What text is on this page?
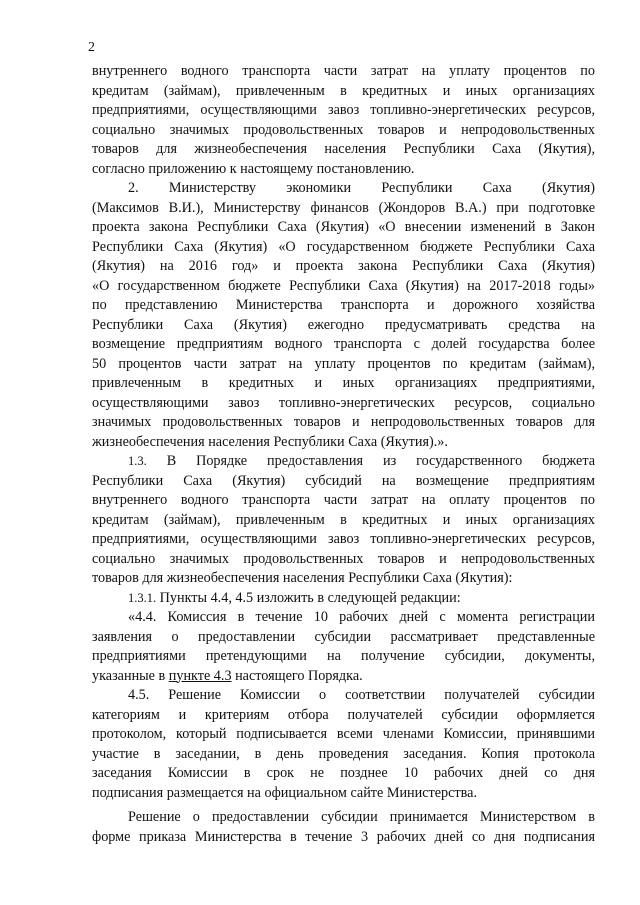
2
внутреннего водного транспорта части затрат на уплату процентов по
кредитам (займам), привлеченным в кредитных и иных организациях
предприятиями, осуществляющими завоз топливно-энергетических ресурсов,
социально значимых продовольственных товаров и непродовольственных
товаров для жизнеобеспечения населения Республики Саха (Якутия),
согласно приложению к настоящему постановлению.
2. Министерству экономики Республики Саха (Якутия)
(Максимов В.И.), Министерству финансов (Жондоров В.А.) при подготовке
проекта закона Республики Саха (Якутия) «О внесении изменений в Закон
Республики Саха (Якутия) «О государственном бюджете Республики Саха
(Якутия) на 2016 год» и проекта закона Республики Саха (Якутия)
«О государственном бюджете Республики Саха (Якутия) на 2017-2018 годы»
по представлению Министерства транспорта и дорожного хозяйства
Республики Саха (Якутия) ежегодно предусматривать средства на
возмещение предприятиям водного транспорта с долей государства более
50 процентов части затрат на уплату процентов по кредитам (займам),
привлеченным в кредитных и иных организациях предприятиями,
осуществляющими завоз топливно-энергетических ресурсов, социально
значимых продовольственных товаров и непродовольственных товаров для
жизнеобеспечения населения Республики Саха (Якутия).».
1.3. В Порядке предоставления из государственного бюджета
Республики Саха (Якутия) субсидий на возмещение предприятиям
внутреннего водного транспорта части затрат на оплату процентов по
кредитам (займам), привлеченным в кредитных и иных организациях
предприятиями, осуществляющими завоз топливно-энергетических ресурсов,
социально значимых продовольственных товаров и непродовольственных
товаров для жизнеобеспечения населения Республики Саха (Якутия):
1.3.1. Пункты 4.4, 4.5 изложить в следующей редакции:
«4.4. Комиссия в течение 10 рабочих дней с момента регистрации
заявления о предоставлении субсидии рассматривает представленные
предприятиями претендующими на получение субсидии, документы,
указанные в пункте 4.3 настоящего Порядка.
4.5. Решение Комиссии о соответствии получателей субсидии
категориям и критериям отбора получателей субсидии оформляется
протоколом, который подписывается всеми членами Комиссии, принявшими
участие в заседании, в день проведения заседания. Копия протокола
заседания Комиссии в срок не позднее 10 рабочих дней со дня
подписания размещается на официальном сайте Министерства.
Решение о предоставлении субсидии принимается Министерством в
форме приказа Министерства в течение 3 рабочих дней со дня подписания
